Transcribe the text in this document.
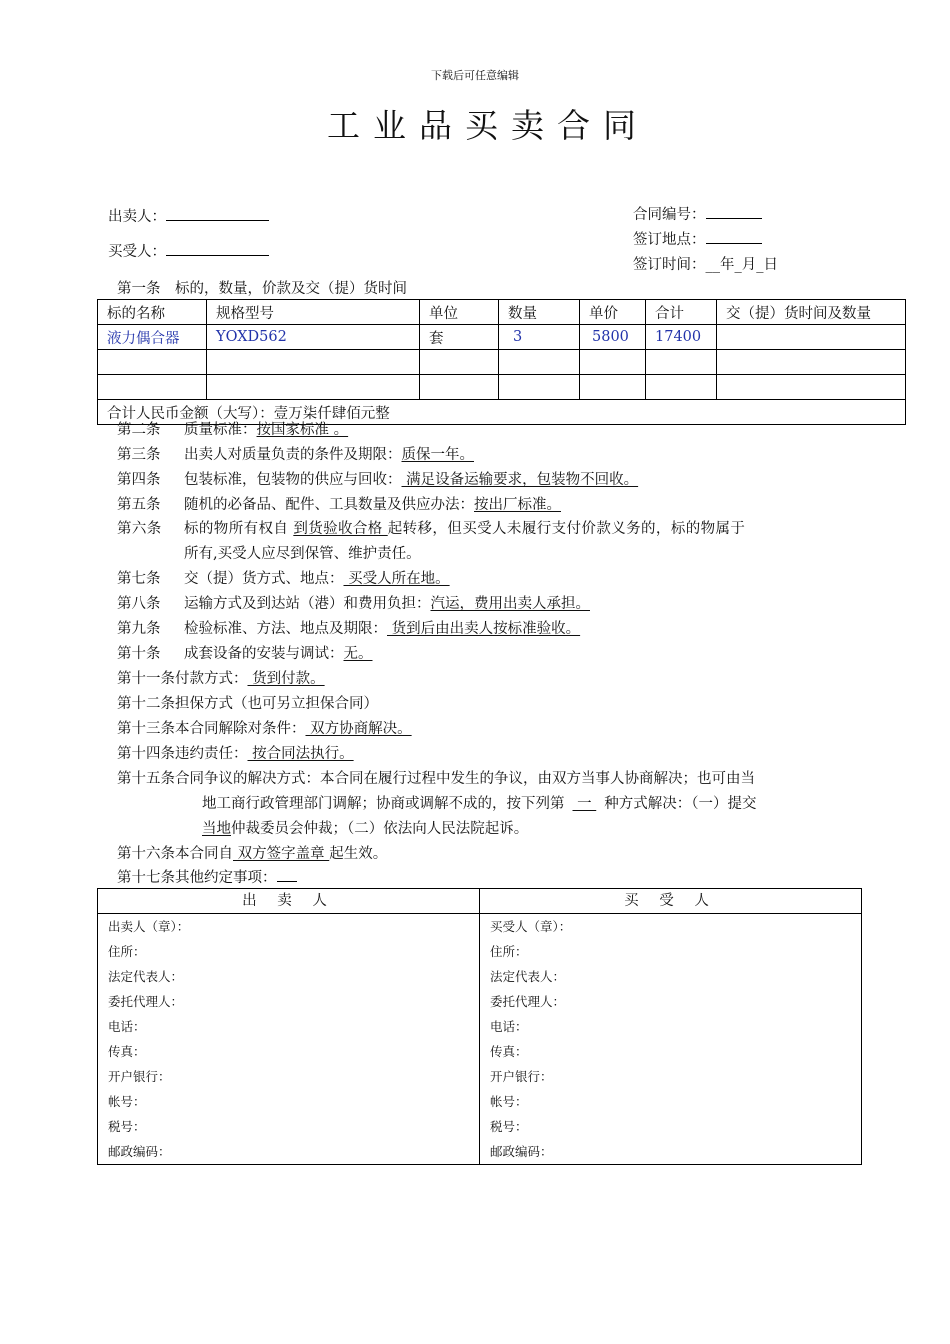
下载后可任意编辑
工业品买卖合同
出卖人：
买受人：
合同编号：
签订地点：
签订时间：__年_月_日
第一条　标的，数量，价款及交（提）货时间
标的名称	规格型号	单位	数量	单价	合计	交（提）货时间及数量
液力偶合器	YOXD562	套	3	5800	17400	

合计人民币金额（大写）：壹万柒仟肆佰元整						
第二条 质量标准：按国家标准 。
第三条 出卖人对质量负责的条件及期限：质保一年。
第四条 包装标准，包装物的供应与回收： 满足设备运输要求，包装物不回收。
第五条 随机的必备品、配件、工具数量及供应办法：按出厂标准。
第六条 标的物所有权自 到货验收合格 起转移，但买受人未履行支付价款义务的，标的物属于
所有,买受人应尽到保管、维护责任。
第七条 交（提）货方式、地点： 买受人所在地。
第八条 运输方式及到达站（港）和费用负担：汽运，费用出卖人承担。
第九条 检验标准、方法、地点及期限： 货到后由出卖人按标准验收。
第十条 成套设备的安装与调试：无。
第十一条付款方式： 货到付款。
第十二条担保方式（也可另立担保合同）
第十三条本合同解除对条件： 双方协商解决。
第十四条违约责任： 按合同法执行。
第十五条合同争议的解决方式：本合同在履行过程中发生的争议，由双方当事人协商解决；也可由当
地工商行政管理部门调解；协商或调解不成的，按下列第 一 种方式解决：（一）提交
当地仲裁委员会仲裁；（二）依法向人民法院起诉。
第十六条本合同自 双方签字盖章 起生效。
第十七条其他约定事项：
出 卖 人
出卖人（章）：
住所：
法定代表人：
委托代理人：
电话：
传真：
开户银行：
帐号：
税号：
邮政编码：

买 受 人
买受人（章）：
住所：
法定代表人：
委托代理人：
电话：
传真：
开户银行：
帐号：
税号：
邮政编码：
